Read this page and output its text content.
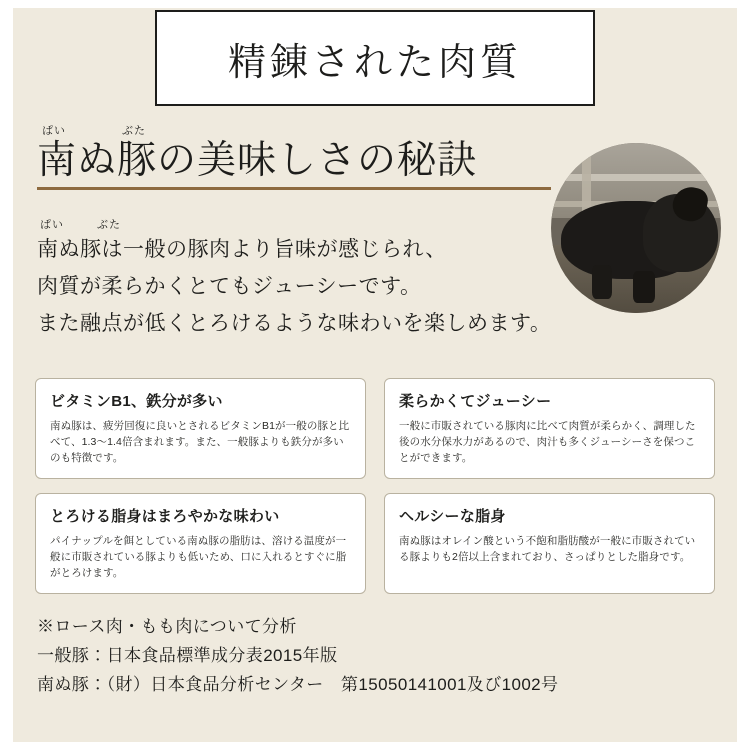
精錬された肉質
ぱい	ぶた
南ぬ豚の美味しさの秘訣
ぱい	ぶた
南ぬ豚は一般の豚肉より旨味が感じられ、
肉質が柔らかくとてもジューシーです。
また融点が低くとろけるような味わいを楽しめます。
ビタミンB1、鉄分が多い
南ぬ豚は、疲労回復に良いとされるビタミンB1が一般の豚と比べて、1.3〜1.4倍含まれます。また、一般豚よりも鉄分が多いのも特徴です。
柔らかくてジューシー
一般に市販されている豚肉に比べて肉質が柔らかく、調理した後の水分保水力があるので、肉汁も多くジューシーさを保つことができます。
とろける脂身はまろやかな味わい
パイナップルを餌としている南ぬ豚の脂肪は、溶ける温度が一般に市販されている豚よりも低いため、口に入れるとすぐに脂がとろけます。
ヘルシーな脂身
南ぬ豚はオレイン酸という不飽和脂肪酸が一般に市販されている豚よりも2倍以上含まれており、さっぱりとした脂身です。
※ロース肉・もも肉について分析
一般豚：日本食品標準成分表2015年版
南ぬ豚：（財）日本食品分析センター　第15050141001及び1002号
